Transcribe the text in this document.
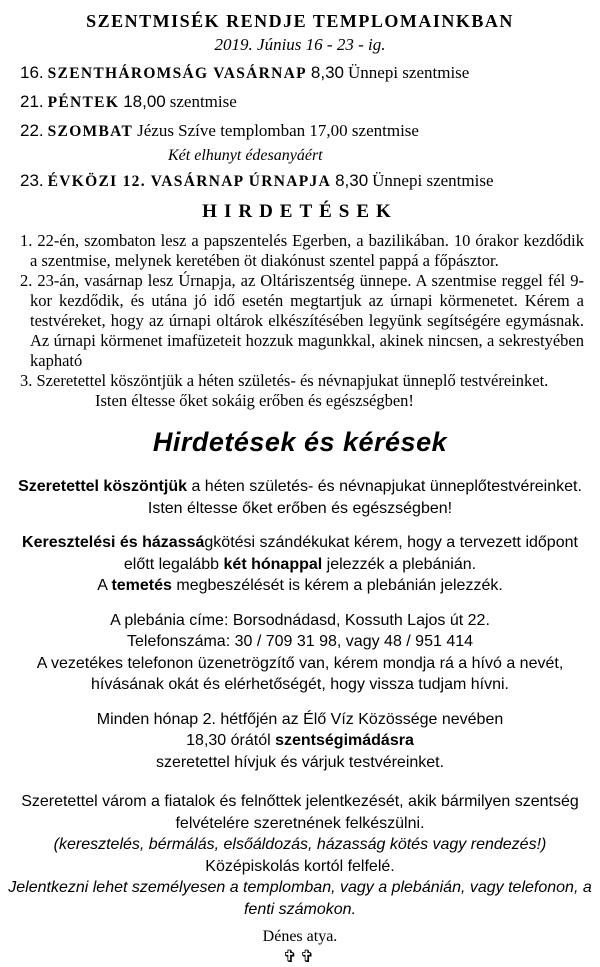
SZENTMISÉK RENDJE TEMPLOMAINKBAN
2019. Június 16 - 23 - ig.
16. SZENTHÁROMSÁG VASÁRNAP 8,30 Ünnepi szentmise
21. PÉNTEK 18,00 szentmise
22. SZOMBAT Jézus Szíve templomban 17,00 szentmise
Két elhunyt édesanyáért
23. ÉVKÖZI 12. VASÁRNAP ÚRNAPJA 8,30 Ünnepi szentmise
HIRDETÉSEK
1. 22-én, szombaton lesz a papszentelés Egerben, a bazilikában. 10 órakor kezdődik a szentmise, melynek keretében öt diakónust szentel pappá a főpásztor.
2. 23-án, vasárnap lesz Úrnapja, az Oltáriszentség ünnepe. A szentmise reggel fél 9-kor kezdődik, és utána jó idő esetén megtartjuk az úrnapi körmenetet. Kérem a testvéreket, hogy az úrnapi oltárok elkészítésében legyünk segítségére egymásnak. Az úrnapi körmenet imafüzeteit hozzuk magunkkal, akinek nincsen, a sekrestyében kapható
3. Szeretettel köszöntjük a héten születés- és névnapjukat ünneplő testvéreinket.
Isten éltesse őket sokáig erőben és egészségben!
Hirdetések és kérések

Szeretettel köszöntjük a héten születés- és névnapjukat ünneplőtestvéreinket.
Isten éltesse őket erőben és egészségben!

Keresztelési és házasságkötési szándékukat kérem, hogy a tervezett időpont előtt legalább két hónappal jelezzék a plebánián.
A temetés megbeszélését is kérem a plebánián jelezzék.

A plebánia címe: Borsodnádasd, Kossuth Lajos út 22.
Telefonszáma: 30 / 709 31 98, vagy 48 / 951 414
A vezetékes telefonon üzenetrögzítő van, kérem mondja rá a hívó a nevét,
hívásának okát és elérhetőségét, hogy vissza tudjam hívni.

Minden hónap 2. hétfőjén az Élő Víz Közössége nevében
18,30 órától szentségimádásra
szeretettel hívjuk és várjuk testvéreinket.

Szeretettel várom a fiatalok és felnőttek jelentkezését, akik bármilyen szentség
felvételére szeretnének felkészülni.

(keresztelés, bérmálás, elsőáldozás, házasság kötés vagy rendezés!) Középiskolás kortól felfelé.
Jelentkezni lehet személyesen a templomban, vagy a plebánián, vagy telefonon, a fenti számokon.

Dénes atya.
✞✞
